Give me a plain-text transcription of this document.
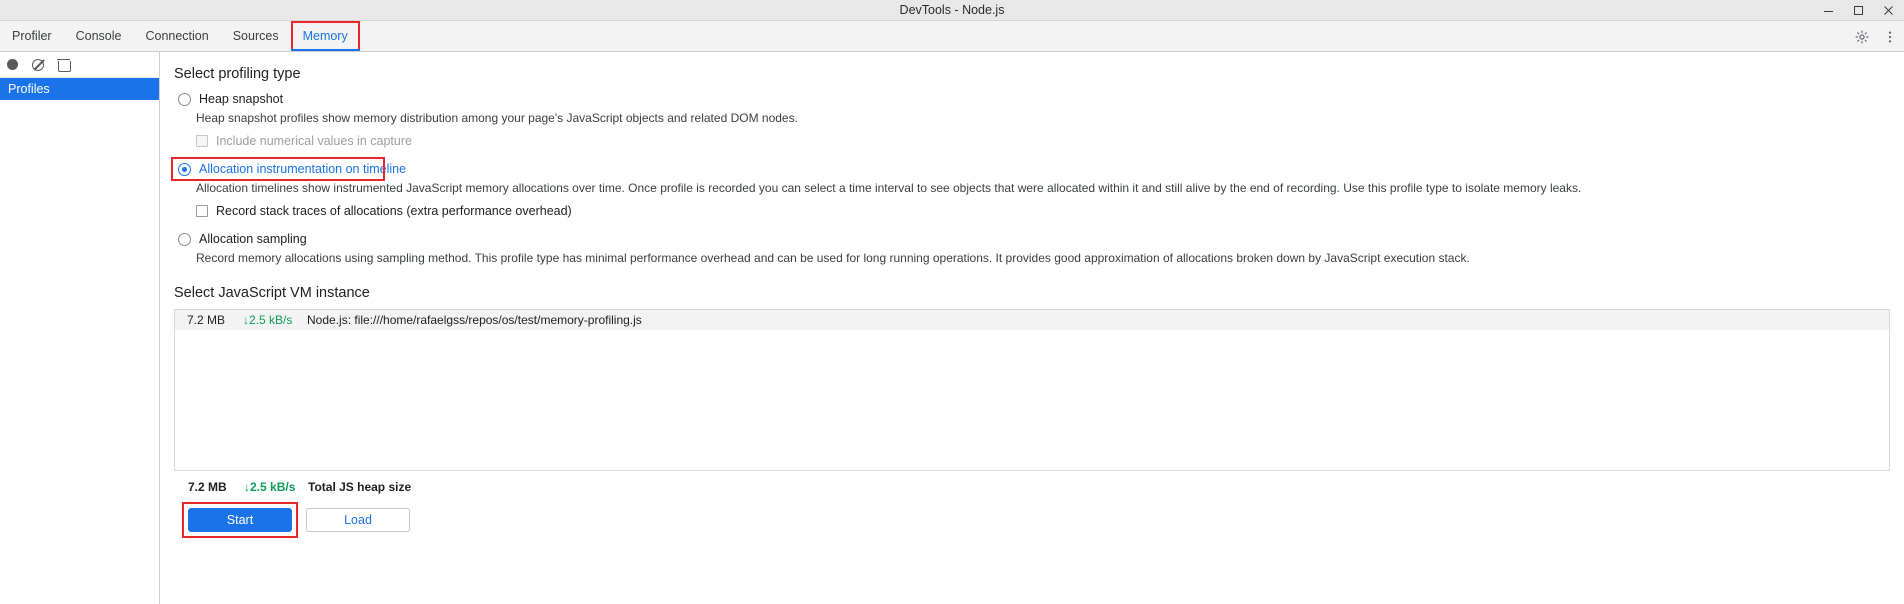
DevTools - Node.js
Profiler	Console	Connection	Sources	Memory
Profiles
Select profiling type
Heap snapshot
Heap snapshot profiles show memory distribution among your page's JavaScript objects and related DOM nodes.
Include numerical values in capture
Allocation instrumentation on timeline
Allocation timelines show instrumented JavaScript memory allocations over time. Once profile is recorded you can select a time interval to see objects that were allocated within it and still alive by the end of recording. Use this profile type to isolate memory leaks.
Record stack traces of allocations (extra performance overhead)
Allocation sampling
Record memory allocations using sampling method. This profile type has minimal performance overhead and can be used for long running operations. It provides good approximation of allocations broken down by JavaScript execution stack.
Select JavaScript VM instance
7.2 MB	↓2.5 kB/s	Node.js: file:///home/rafaelgss/repos/os/test/memory-profiling.js
7.2 MB	↓2.5 kB/s	Total JS heap size
Start	Load
